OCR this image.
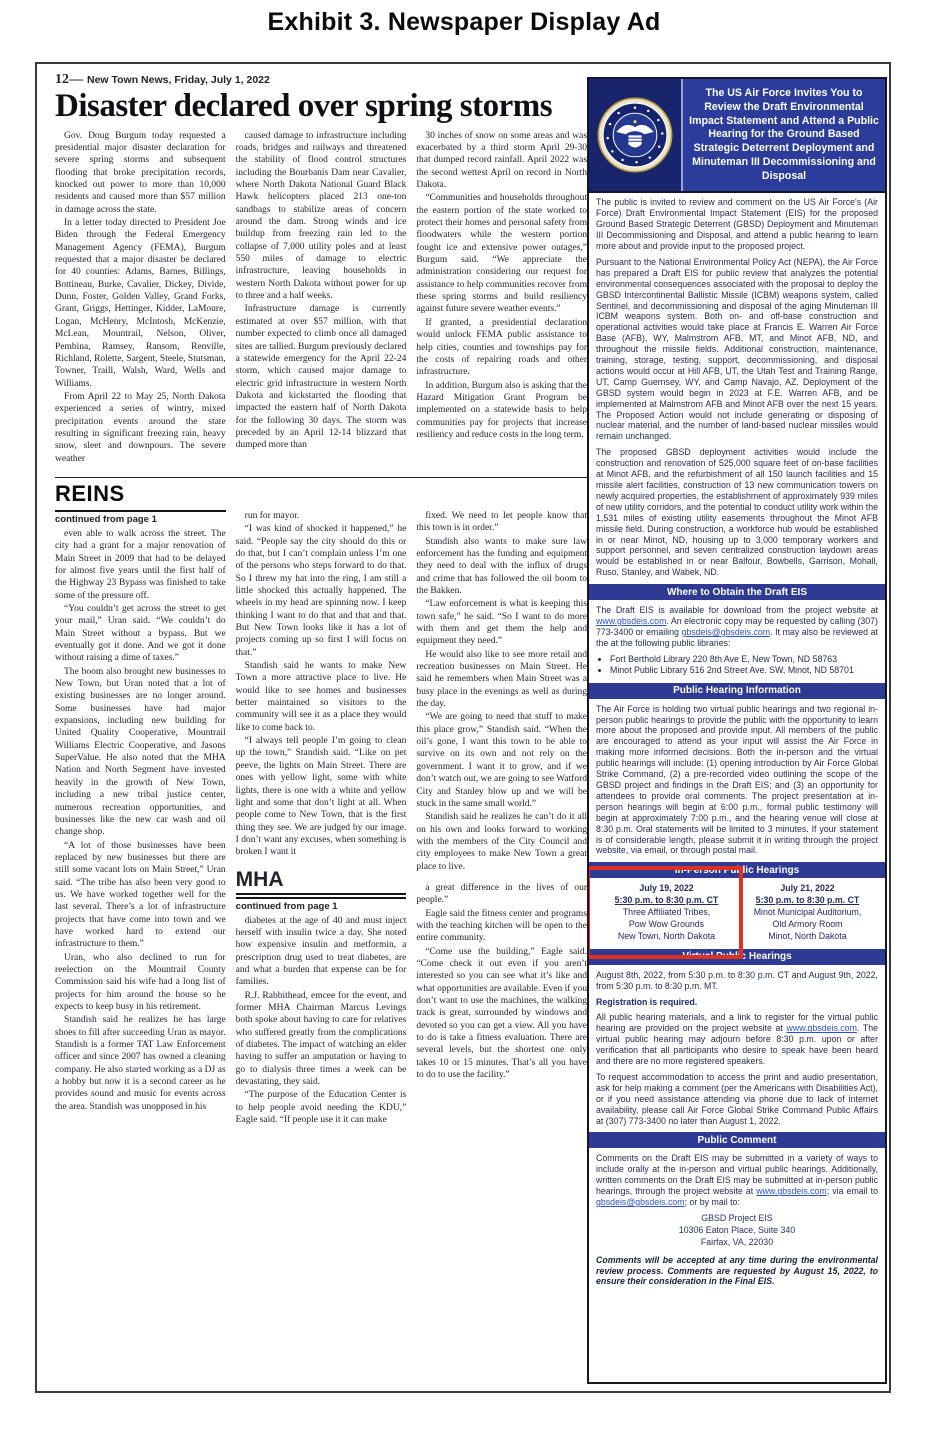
Exhibit 3. Newspaper Display Ad
12— New Town News, Friday, July 1, 2022
Disaster declared over spring storms

Gov. Doug Burgum today requested a presidential major disaster declaration for severe spring storms and subsequent flooding that broke precipitation records, knocked out power to more than 10,000 residents and caused more than $57 million in damage across the state.

In a letter today directed to President Joe Biden through the Federal Emergency Management Agency (FEMA), Burgum requested that a major disaster be declared for 40 counties: Adams, Barnes, Billings, Bottineau, Burke, Cavalier, Dickey, Divide, Dunn, Foster, Golden Valley, Grand Forks, Grant, Griggs, Hettinger, Kidder, LaMoure, Logan, McHenry, McIntosh, McKenzie, McLean, Mountrail, Nelson, Oliver, Pembina, Ramsey, Ransom, Renville, Richland, Rolette, Sargent, Steele, Stutsman, Towner, Traill, Walsh, Ward, Wells and Williams.

From April 22 to May 25, North Dakota experienced a series of wintry, mixed precipitation events around the state resulting in significant freezing rain, heavy snow, sleet and downpours. The severe weather

caused damage to infrastructure including roads, bridges and railways and threatened the stability of flood control structures including the Bourbanis Dam near Cavalier, where North Dakota National Guard Black Hawk helicopters placed 213 one-ton sandbags to stabilize areas of concern around the dam. Strong winds and ice buildup from freezing rain led to the collapse of 7,000 utility poles and at least 550 miles of damage to electric infrastructure, leaving households in western North Dakota without power for up to three and a half weeks.

Infrastructure damage is currently estimated at over $57 million, with that number expected to climb once all damaged sites are tallied. Burgum previously declared a statewide emergency for the April 22-24 storm, which caused major damage to electric grid infrastructure in western North Dakota and kickstarted the flooding that impacted the eastern half of North Dakota for the following 30 days. The storm was preceded by an April 12-14 blizzard that dumped more than

30 inches of snow on some areas and was exacerbated by a third storm April 29-30 that dumped record rainfall. April 2022 was the second wettest April on record in North Dakota.

“Communities and households throughout the eastern portion of the state worked to protect their homes and personal safety from floodwaters while the western portion fought ice and extensive power outages,” Burgum said. “We appreciate the administration considering our request for assistance to help communities recover from these spring storms and build resiliency against future severe weather events.”

If granted, a presidential declaration would unlock FEMA public assistance to help cities, counties and townships pay for the costs of repairing roads and other infrastructure.

In addition, Burgum also is asking that the Hazard Mitigation Grant Program be implemented on a statewide basis to help communities pay for projects that increase resiliency and reduce costs in the long term.

REINS
continued from page 1

even able to walk across the street. The city had a grant for a major renovation of Main Street in 2009 that had to be delayed for almost five years until the first half of the Highway 23 Bypass was finished to take some of the pressure off.

“You couldn’t get across the street to get your mail,” Uran said. “We couldn’t do Main Street without a bypass. But we eventually got it done. And we got it done without raising a dime of taxes.”

The boom also brought new businesses to New Town, but Uran noted that a lot of existing businesses are no longer around. Some businesses have had major expansions, including new building for United Quality Cooperative, Mountrail Williams Electric Cooperative, and Jasons SuperValue. He also noted that the MHA Nation and North Segment have invested heavily in the growth of New Town, including a new tribal justice center, numerous recreation opportunities, and businesses like the new car wash and oil change shop.

“A lot of those businesses have been replaced by new businesses but there are still some vacant lots on Main Street,” Uran said. “The tribe has also been very good to us. We have worked together well for the last several. There’s a lot of infrastructure projects that have come into town and we have worked hard to extend our infrastructure to them.”

Uran, who also declined to run for reelection on the Mountrail County Commission said his wife had a long list of projects for him around the house so he expects to keep busy in his retirement.

Standish said he realizes he has large shoes to fill after succeeding Uran as mayor. Standish is a former TAT Law Enforcement officer and since 2007 has owned a cleaning company. He also started working as a DJ as a hobby but now it is a second career as he provides sound and music for events across the area. Standish was unopposed in his

run for mayor.

“I was kind of shocked it happened,” he said. “People say the city should do this or do that, but I can’t complain unless I’m one of the persons who steps forward to do that. So I threw my hat into the ring, I am still a little shocked this actually happened. The wheels in my head are spinning now. I keep thinking I want to do that and that and that. But New Town looks like it has a lot of projects coming up so first I will focus on that.”

Standish said he wants to make New Town a more attractive place to live. He would like to see homes and businesses better maintained so visitors to the community will see it as a place they would like to come back to.

“I always tell people I’m going to clean up the town,” Standish said. “Like on pet peeve, the lights on Main Street. There are ones with yellow light, some with white lights, there is one with a white and yellow light and some that don’t light at all. When people come to New Town, that is the first thing they see. We are judged by our image. I don’t want any excuses, when something is broken I want it

MHA
continued from page 1

diabetes at the age of 40 and must inject herself with insulin twice a day. She noted how expensive insulin and metformin, a prescription drug used to treat diabetes, are and what a burden that expense can be for families.

R.J. Rabbithead, emcee for the event, and former MHA Chairman Marcus Levings both spoke about having to care for relatives who suffered greatly from the complications of diabetes. The impact of watching an elder having to suffer an amputation or having to go to dialysis three times a week can be devastating, they said.

“The purpose of the Education Center is to help people avoid needing the KDU,” Eagle said. “If people use it it can make

fixed. We need to let people know that this town is in order.”

Standish also wants to make sure law enforcement has the funding and equipment they need to deal with the influx of drugs and crime that has followed the oil boom to the Bakken.

“Law enforcement is what is keeping this town safe,” he said. “So I want to do more with them and get them the help and equipment they need.”

He would also like to see more retail and recreation businesses on Main Street. He said he remembers when Main Street was a busy place in the evenings as well as during the day.

“We are going to need that stuff to make this place grow,” Standish said. “When the oil’s gone, I want this town to be able to survive on its own and not rely on the government. I want it to grow, and if we don’t watch out, we are going to see Watford City and Stanley blow up and we will be stuck in the same small world.”

Standish said he realizes he can’t do it all on his own and looks forward to working with the members of the City Council and city employees to make New Town a great place to live.

a great difference in the lives of our people.”

Eagle said the fitness center and programs with the teaching kitchen will be open to the entire community.

“Come use the building,” Eagle said. “Come check it out even if you aren’t interested so you can see what it’s like and what opportunities are available. Even if you don’t want to use the machines, the walking track is great, surrounded by windows and devoted so you can get a view. All you have to do is take a fitness evaluation. There are several levels, but the shortest one only takes 10 or 15 minutes. That’s all you have to do to use the facility.”

The US Air Force Invites You to Review the Draft Environmental Impact Statement and Attend a Public Hearing for the Ground Based Strategic Deterrent Deployment and Minuteman III Decommissioning and Disposal

The public is invited to review and comment on the US Air Force's (Air Force) Draft Environmental Impact Statement (EIS) for the proposed Ground Based Strategic Deterrent (GBSD) Deployment and Minuteman III Decommissioning and Disposal, and attend a public hearing to learn more about and provide input to the proposed project.

Pursuant to the National Environmental Policy Act (NEPA), the Air Force has prepared a Draft EIS for public review that analyzes the potential environmental consequences associated with the proposal to deploy the GBSD Intercontinental Ballistic Missile (ICBM) weapons system, called Sentinel, and decommissioning and disposal of the aging Minuteman III ICBM weapons system. Both on- and off-base construction and operational activities would take place at Francis E. Warren Air Force Base (AFB), WY, Malmstrom AFB, MT, and Minot AFB, ND, and throughout the missile fields. Additional construction, maintenance, training, storage, testing, support, decommissioning, and disposal actions would occur at Hill AFB, UT, the Utah Test and Training Range, UT, Camp Guernsey, WY, and Camp Navajo, AZ. Deployment of the GBSD system would begin in 2023 at F.E. Warren AFB, and be implemented at Malmstrom AFB and Minot AFB over the next 15 years. The Proposed Action would not include generating or disposing of nuclear material, and the number of land-based nuclear missiles would remain unchanged.

The proposed GBSD deployment activities would include the construction and renovation of 525,000 square feet of on-base facilities at Minot AFB, and the refurbishment of all 150 launch facilities and 15 missile alert facilities, construction of 13 new communication towers on newly acquired properties, the establishment of approximately 939 miles of new utility corridors, and the potential to conduct utility work within the 1,531 miles of existing utility easements throughout the Minot AFB missile field. During construction, a workforce hub would be established in or near Minot, ND, housing up to 3,000 temporary workers and support personnel, and seven centralized construction laydown areas would be established in or near Balfour, Bowbells, Garrison, Mohall, Ruso, Stanley, and Wabek, ND.

Where to Obtain the Draft EIS

The Draft EIS is available for download from the project website at www.gbsdeis.com. An electronic copy may be requested by calling (307) 773-3400 or emailing gbsdeis@gbsdeis.com. It may also be reviewed at the at the following public libraries:

• Fort Berthold Library 220 8th Ave E, New Town, ND 58763
• Minot Public Library 516 2nd Street Ave. SW, Minot, ND 58701
Public Hearing Information

The Air Force is holding two virtual public hearings and two regional in-person public hearings to provide the public with the opportunity to learn more about the proposed and provide input. All members of the public are encouraged to attend as your input will assist the Air Force in making more informed decisions. Both the in-person and the virtual public hearings will include: (1) opening introduction by Air Force Global Strike Command, (2) a pre-recorded video outlining the scope of the GBSD project and findings in the Draft EIS; and (3) an opportunity for attendees to provide oral comments. The project presentation at in-person hearings will begin at 6:00 p.m., formal public testimony will begin at approximately 7:00 p.m., and the hearing venue will close at 8:30 p.m. Oral statements will be limited to 3 minutes. If your statement is of considerable length, please submit it in writing through the project website, via email, or through postal mail.

In-Person Public Hearings
July 19, 2022
5:30 p.m. to 8:30 p.m. CT
Three Affiliated Tribes,
Pow Wow Grounds
New Town, North Dakota
July 21, 2022
5:30 p.m. to 8:30 p.m. CT
Minot Municipal Auditorium,
Old Armory Room
Minot, North Dakota
Virtual Public Hearings

August 8th, 2022, from 5:30 p.m. to 8:30 p.m. CT and August 9th, 2022, from 5:30 p.m. to 8:30 p.m. MT.

Registration is required.

All public hearing materials, and a link to register for the virtual public hearing are provided on the project website at www.gbsdeis.com. The virtual public hearing may adjourn before 8:30 p.m. upon or after verification that all participants who desire to speak have been heard and there are no more registered speakers.

To request accommodation to access the print and audio presentation, ask for help making a comment (per the Americans with Disabilities Act), or if you need assistance attending via phone due to lack of internet availability, please call Air Force Global Strike Command Public Affairs at (307) 773-3400 no later than August 1, 2022.

Public Comment

Comments on the Draft EIS may be submitted in a variety of ways to include orally at the in-person and virtual public hearings. Additionally, written comments on the Draft EIS may be submitted at in-person public hearings, through the project website at www.gbsdeis.com; via email to gbsdeis@gbsdeis.com; or by mail to:

GBSD Project EIS
10306 Eaton Place, Suite 340
Fairfax, VA, 22030

Comments will be accepted at any time during the environmental review process. Comments are requested by August 15, 2022, to ensure their consideration in the Final EIS.
